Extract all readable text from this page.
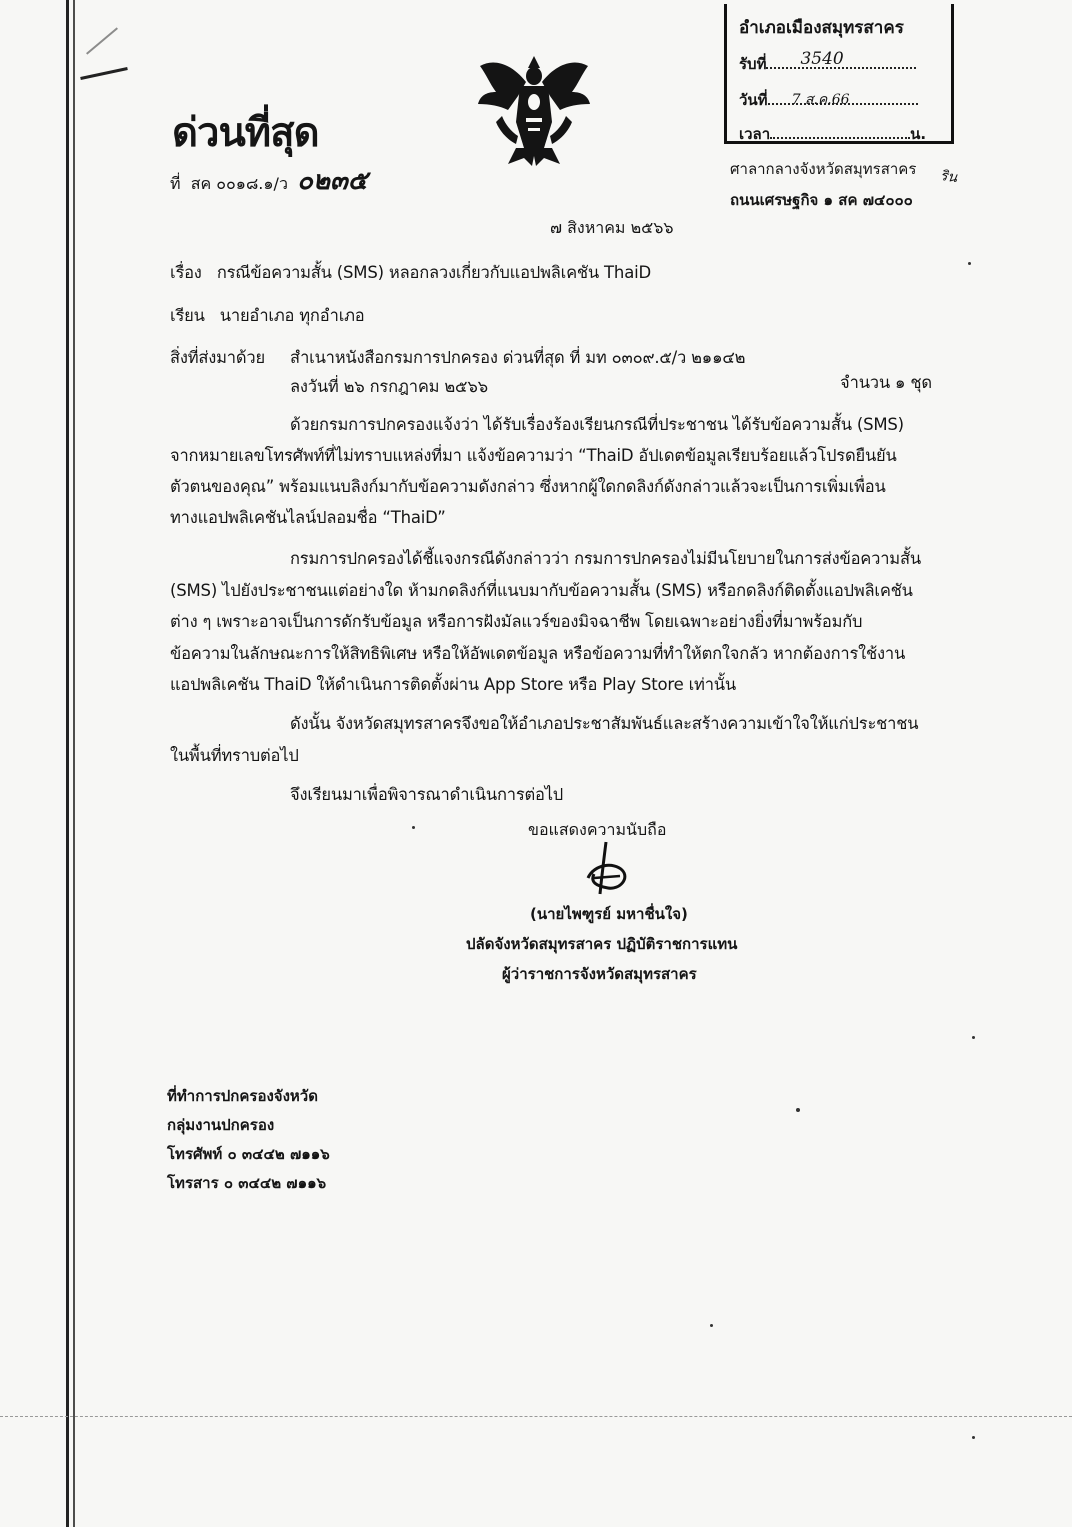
อำเภอเมืองสมุทรสาคร
รับที่ 3540
วันที่ 7 ส.ค.66
เวลา	น.
ด่วนที่สุด
ที่ สค ๐๐๑๘.๑/ว ๐๒๓๕	ศาลากลางจังหวัดสมุทรสาคร
ถนนเศรษฐกิจ ๑ สค ๗๔๐๐๐
ริน
๗ สิงหาคม ๒๕๖๖
เรื่อง กรณีข้อความสั้น (SMS) หลอกลวงเกี่ยวกับแอปพลิเคชัน ThaiD
เรียน นายอำเภอ ทุกอำเภอ
สิ่งที่ส่งมาด้วย สำเนาหนังสือกรมการปกครอง ด่วนที่สุด ที่ มท ๐๓๐๙.๕/ว ๒๑๑๔๒
ลงวันที่ ๒๖ กรกฎาคม ๒๕๖๖	จำนวน ๑ ชุด
ด้วยกรมการปกครองแจ้งว่า ได้รับเรื่องร้องเรียนกรณีที่ประชาชน ได้รับข้อความสั้น (SMS)
จากหมายเลขโทรศัพท์ที่ไม่ทราบแหล่งที่มา แจ้งข้อความว่า “ThaiD อัปเดตข้อมูลเรียบร้อยแล้วโปรดยืนยัน
ตัวตนของคุณ” พร้อมแนบลิงก์มากับข้อความดังกล่าว ซึ่งหากผู้ใดกดลิงก์ดังกล่าวแล้วจะเป็นการเพิ่มเพื่อน
ทางแอปพลิเคชันไลน์ปลอมชื่อ “ThaiD”
กรมการปกครองได้ชี้แจงกรณีดังกล่าวว่า กรมการปกครองไม่มีนโยบายในการส่งข้อความสั้น
(SMS) ไปยังประชาชนแต่อย่างใด ห้ามกดลิงก์ที่แนบมากับข้อความสั้น (SMS) หรือกดลิงก์ติดตั้งแอปพลิเคชัน
ต่าง ๆ เพราะอาจเป็นการดักรับข้อมูล หรือการฝังมัลแวร์ของมิจฉาชีพ โดยเฉพาะอย่างยิ่งที่มาพร้อมกับ
ข้อความในลักษณะการให้สิทธิพิเศษ หรือให้อัพเดตข้อมูล หรือข้อความที่ทำให้ตกใจกลัว หากต้องการใช้งาน
แอปพลิเคชัน ThaiD ให้ดำเนินการติดตั้งผ่าน App Store หรือ Play Store เท่านั้น
ดังนั้น จังหวัดสมุทรสาครจึงขอให้อำเภอประชาสัมพันธ์และสร้างความเข้าใจให้แก่ประชาชน
ในพื้นที่ทราบต่อไป
จึงเรียนมาเพื่อพิจารณาดำเนินการต่อไป
ขอแสดงความนับถือ
(นายไพฑูรย์ มหาชื่นใจ)
ปลัดจังหวัดสมุทรสาคร ปฏิบัติราชการแทน
ผู้ว่าราชการจังหวัดสมุทรสาคร
ที่ทำการปกครองจังหวัด
กลุ่มงานปกครอง
โทรศัพท์ ๐ ๓๔๔๒ ๗๑๑๖
โทรสาร ๐ ๓๔๔๒ ๗๑๑๖
